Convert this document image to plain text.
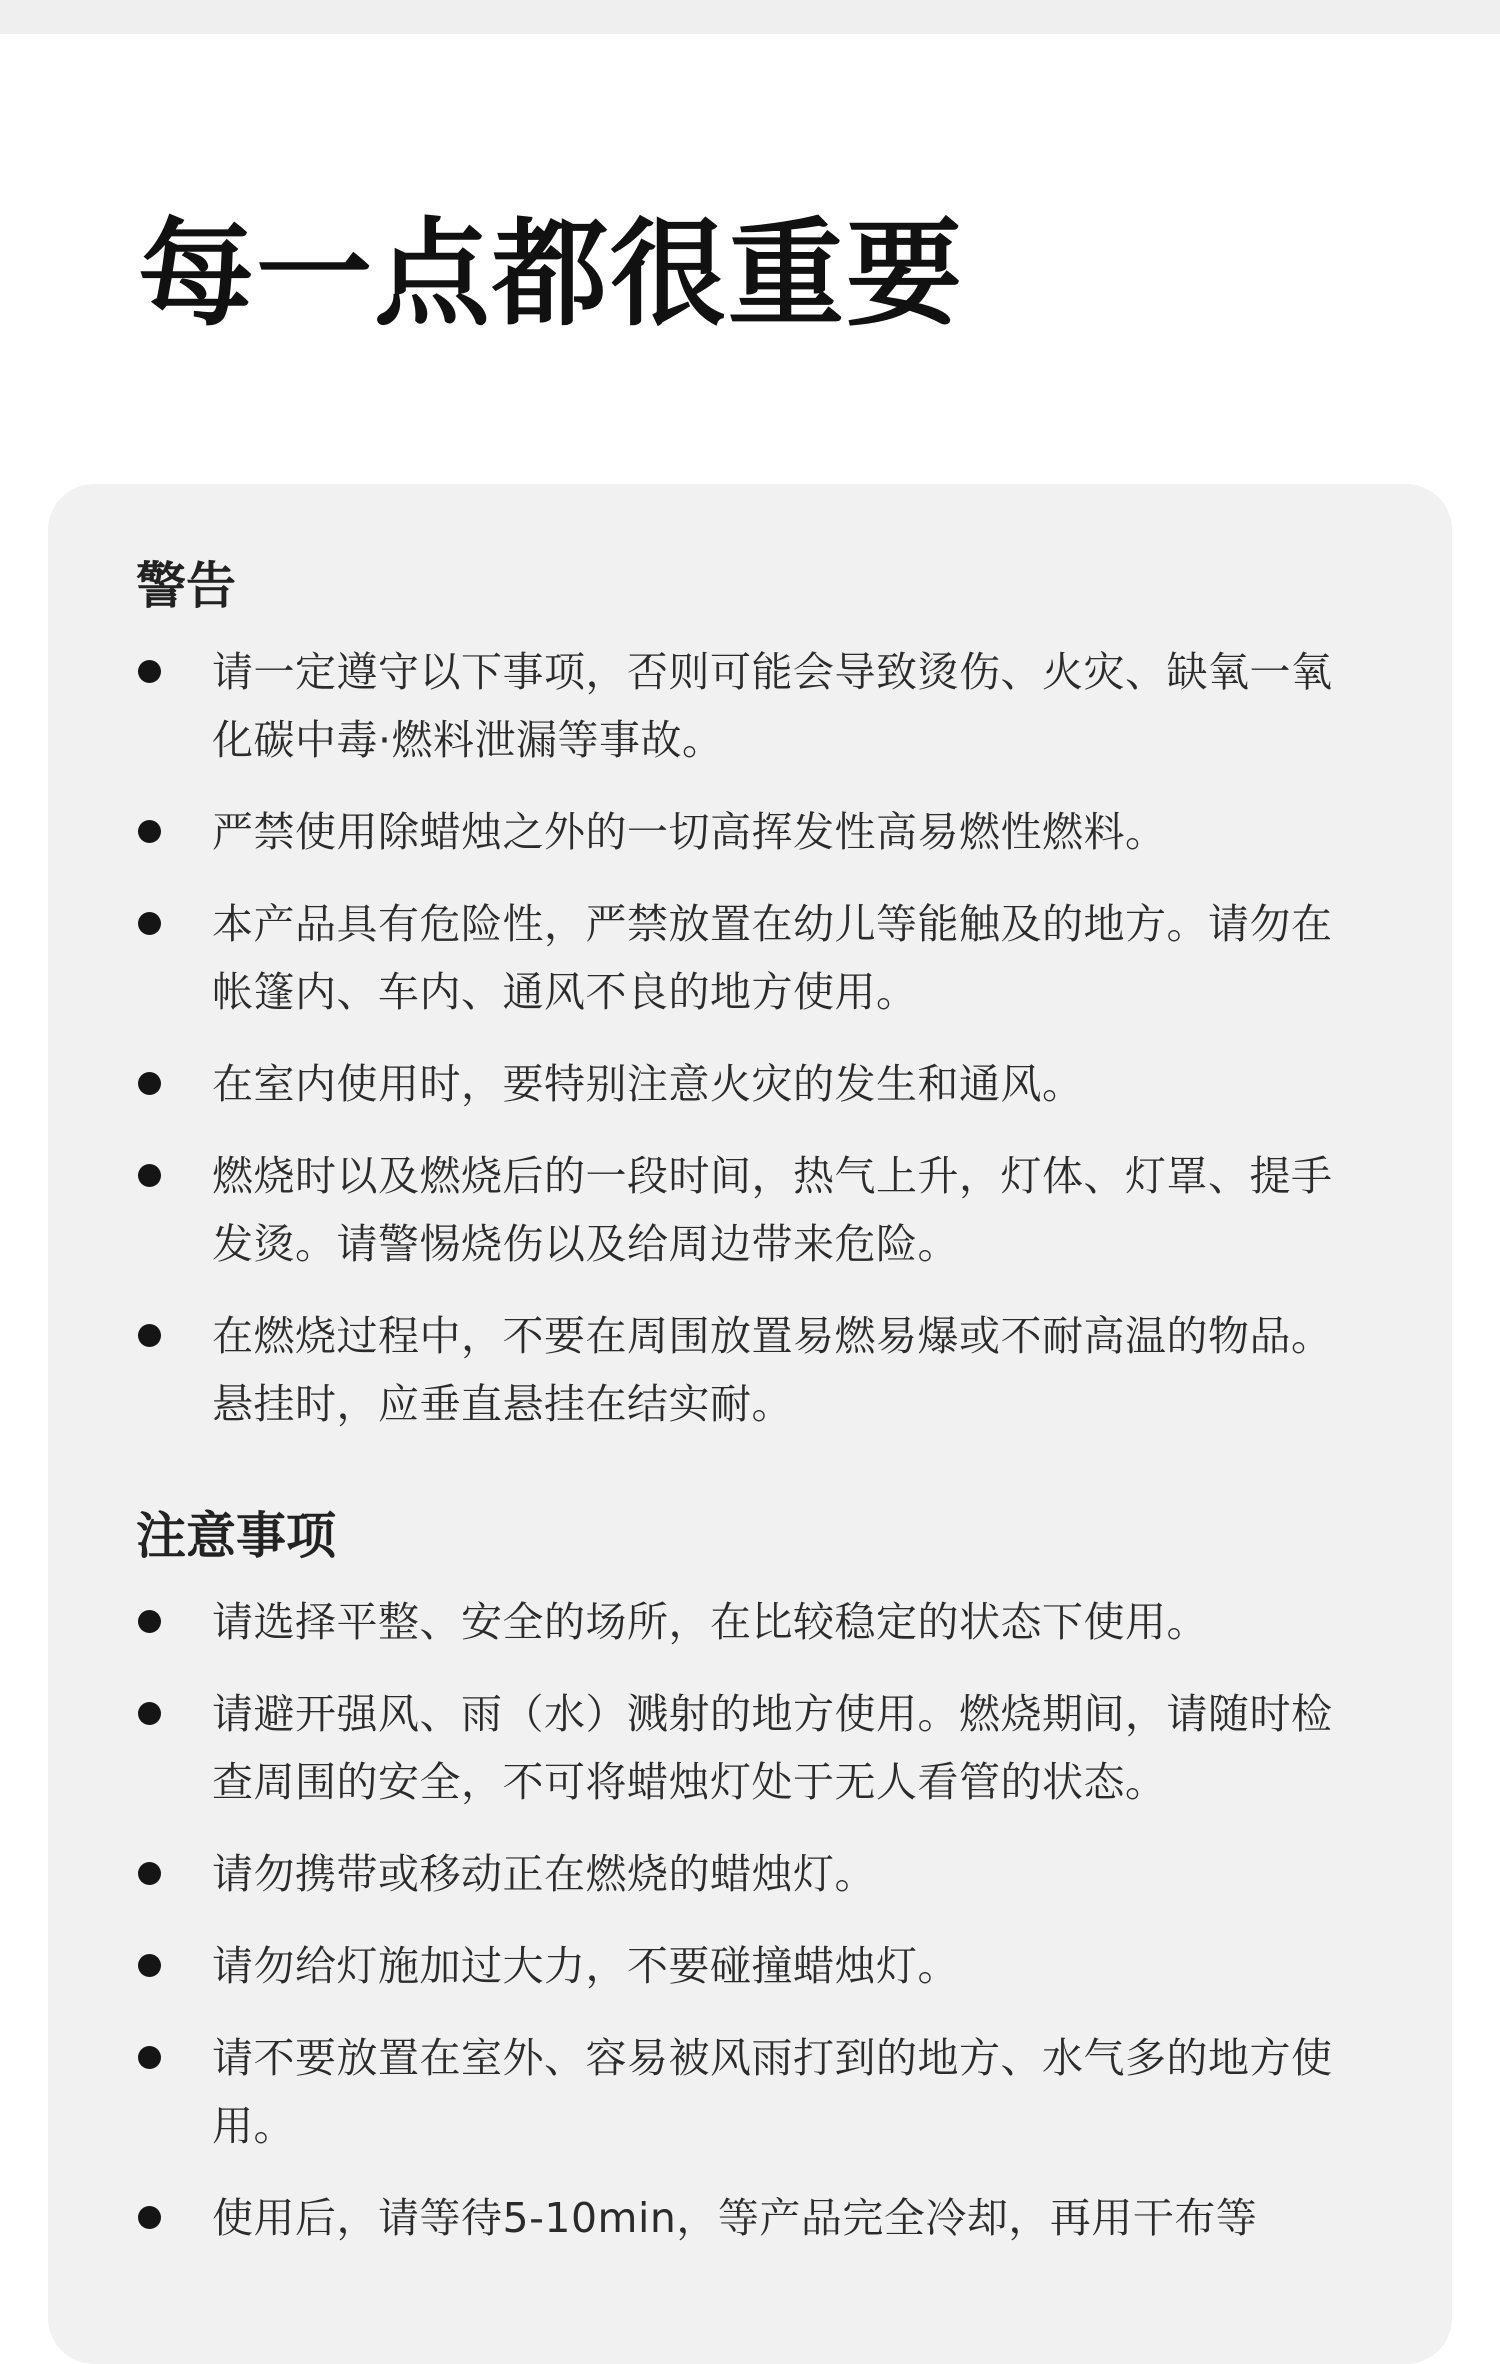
每一点都很重要
警告
请一定遵守以下事项，否则可能会导致烫伤、火灾、缺氧一氧化碳中毒·燃料泄漏等事故。
严禁使用除蜡烛之外的一切高挥发性高易燃性燃料。
本产品具有危险性，严禁放置在幼儿等能触及的地方。请勿在帐篷内、车内、通风不良的地方使用。
在室内使用时，要特别注意火灾的发生和通风。
燃烧时以及燃烧后的一段时间，热气上升，灯体、灯罩、提手发烫。请警惕烧伤以及给周边带来危险。
在燃烧过程中，不要在周围放置易燃易爆或不耐高温的物品。悬挂时，应垂直悬挂在结实耐。
注意事项
请选择平整、安全的场所，在比较稳定的状态下使用。
请避开强风、雨（水）溅射的地方使用。燃烧期间，请随时检查周围的安全，不可将蜡烛灯处于无人看管的状态。
请勿携带或移动正在燃烧的蜡烛灯。
请勿给灯施加过大力，不要碰撞蜡烛灯。
请不要放置在室外、容易被风雨打到的地方、水气多的地方使用。
使用后，请等待5-10min，等产品完全冷却，再用干布等
